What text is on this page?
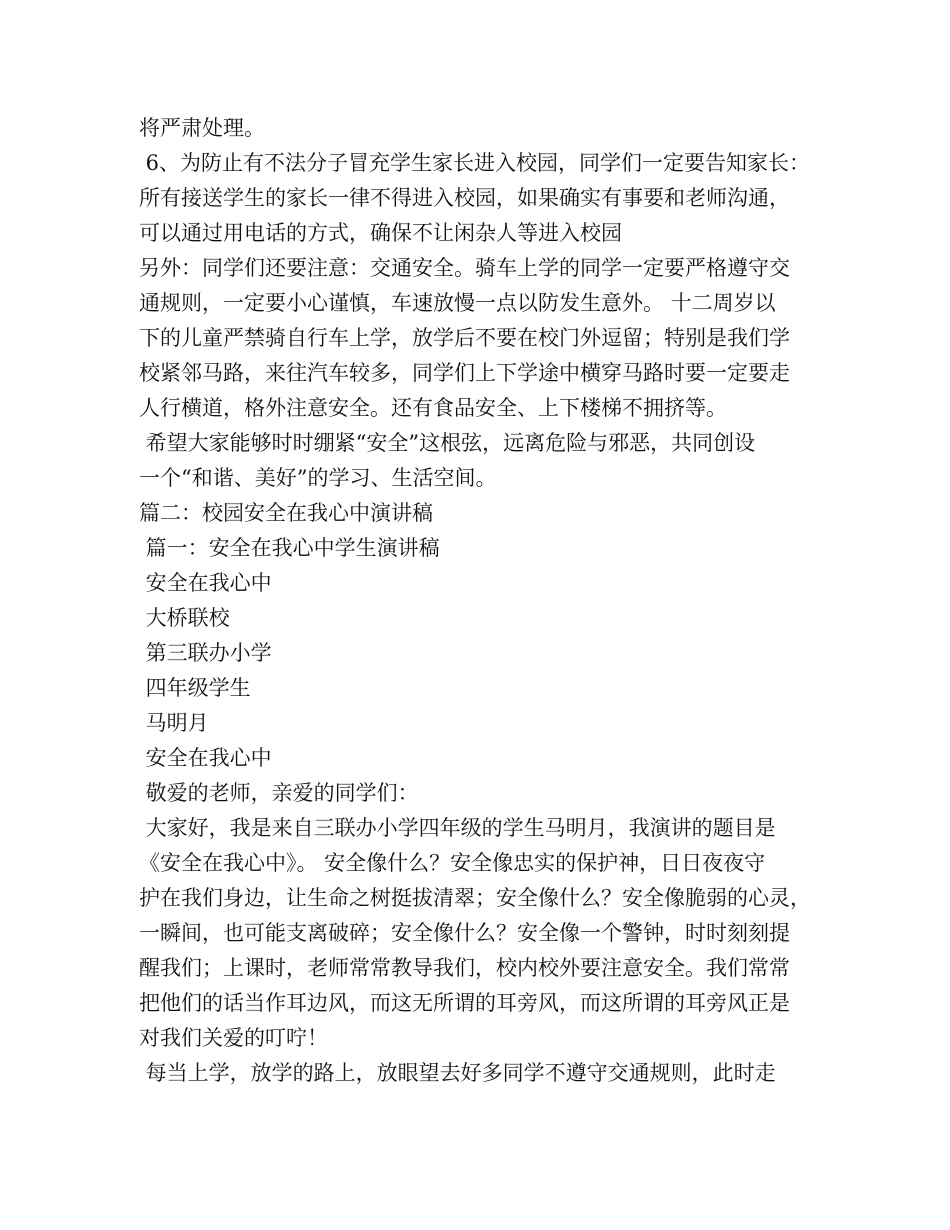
将严肃处理。
6、为防止有不法分子冒充学生家长进入校园，同学们一定要告知家长：
所有接送学生的家长一律不得进入校园，如果确实有事要和老师沟通，
可以通过用电话的方式，确保不让闲杂人等进入校园
另外：同学们还要注意：交通安全。骑车上学的同学一定要严格遵守交
通规则，一定要小心谨慎，车速放慢一点以防发生意外。 十二周岁以
下的儿童严禁骑自行车上学，放学后不要在校门外逗留；特别是我们学
校紧邻马路，来往汽车较多，同学们上下学途中横穿马路时要一定要走
人行横道，格外注意安全。还有食品安全、上下楼梯不拥挤等。
希望大家能够时时绷紧“安全”这根弦，远离危险与邪恶，共同创设
一个“和谐、美好”的学习、生活空间。
篇二：校园安全在我心中演讲稿
篇一：安全在我心中学生演讲稿
安全在我心中
大桥联校
第三联办小学
四年级学生
马明月
安全在我心中
敬爱的老师，亲爱的同学们：
大家好，我是来自三联办小学四年级的学生马明月，我演讲的题目是
《安全在我心中》。 安全像什么？安全像忠实的保护神，日日夜夜守
护在我们身边，让生命之树挺拔清翠；安全像什么？安全像脆弱的心灵，
一瞬间，也可能支离破碎；安全像什么？安全像一个警钟，时时刻刻提
醒我们；上课时，老师常常教导我们，校内校外要注意安全。我们常常
把他们的话当作耳边风，而这无所谓的耳旁风，而这所谓的耳旁风正是
对我们关爱的叮咛！
每当上学，放学的路上，放眼望去好多同学不遵守交通规则，此时走
